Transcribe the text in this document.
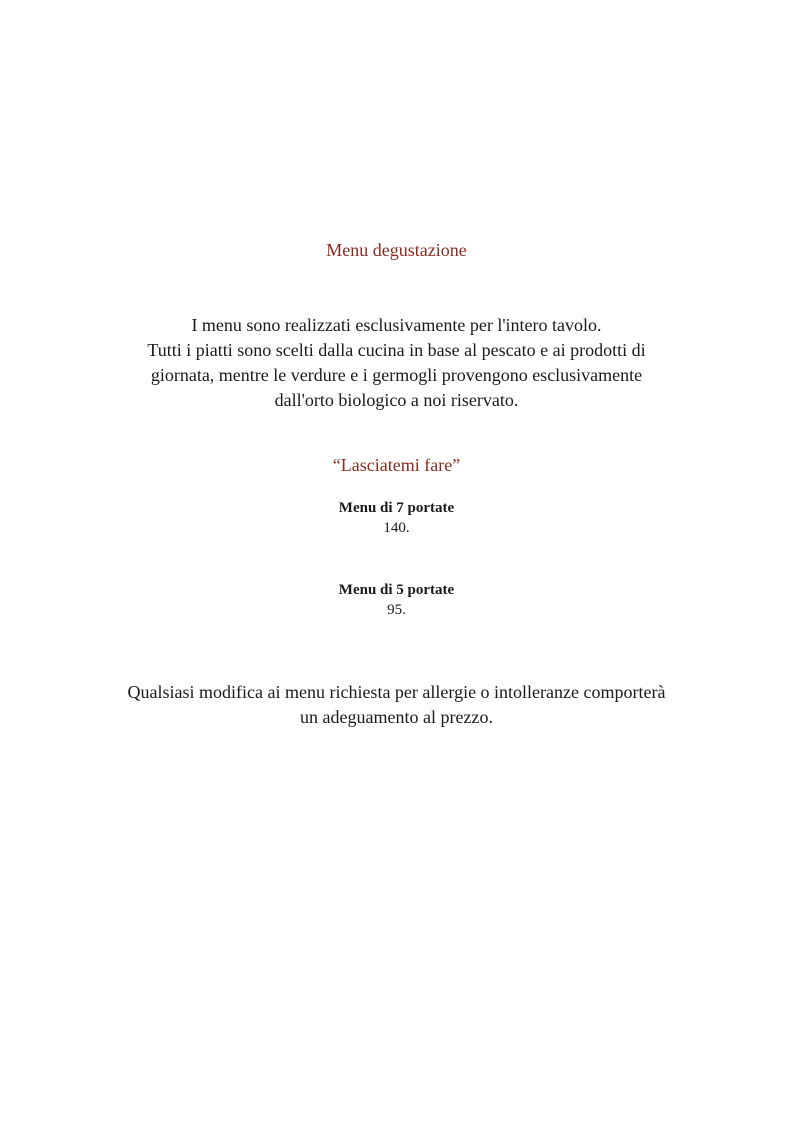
Menu degustazione
I menu sono realizzati esclusivamente per l'intero tavolo.
Tutti i piatti sono scelti dalla cucina in base al pescato e ai prodotti di
giornata, mentre le verdure e i germogli provengono esclusivamente
dall'orto biologico a noi riservato.
“Lasciatemi fare”
Menu di 7 portate
140.
Menu di 5 portate
95.
Qualsiasi modifica ai menu richiesta per allergie o intolleranze comporterà
un adeguamento al prezzo.
